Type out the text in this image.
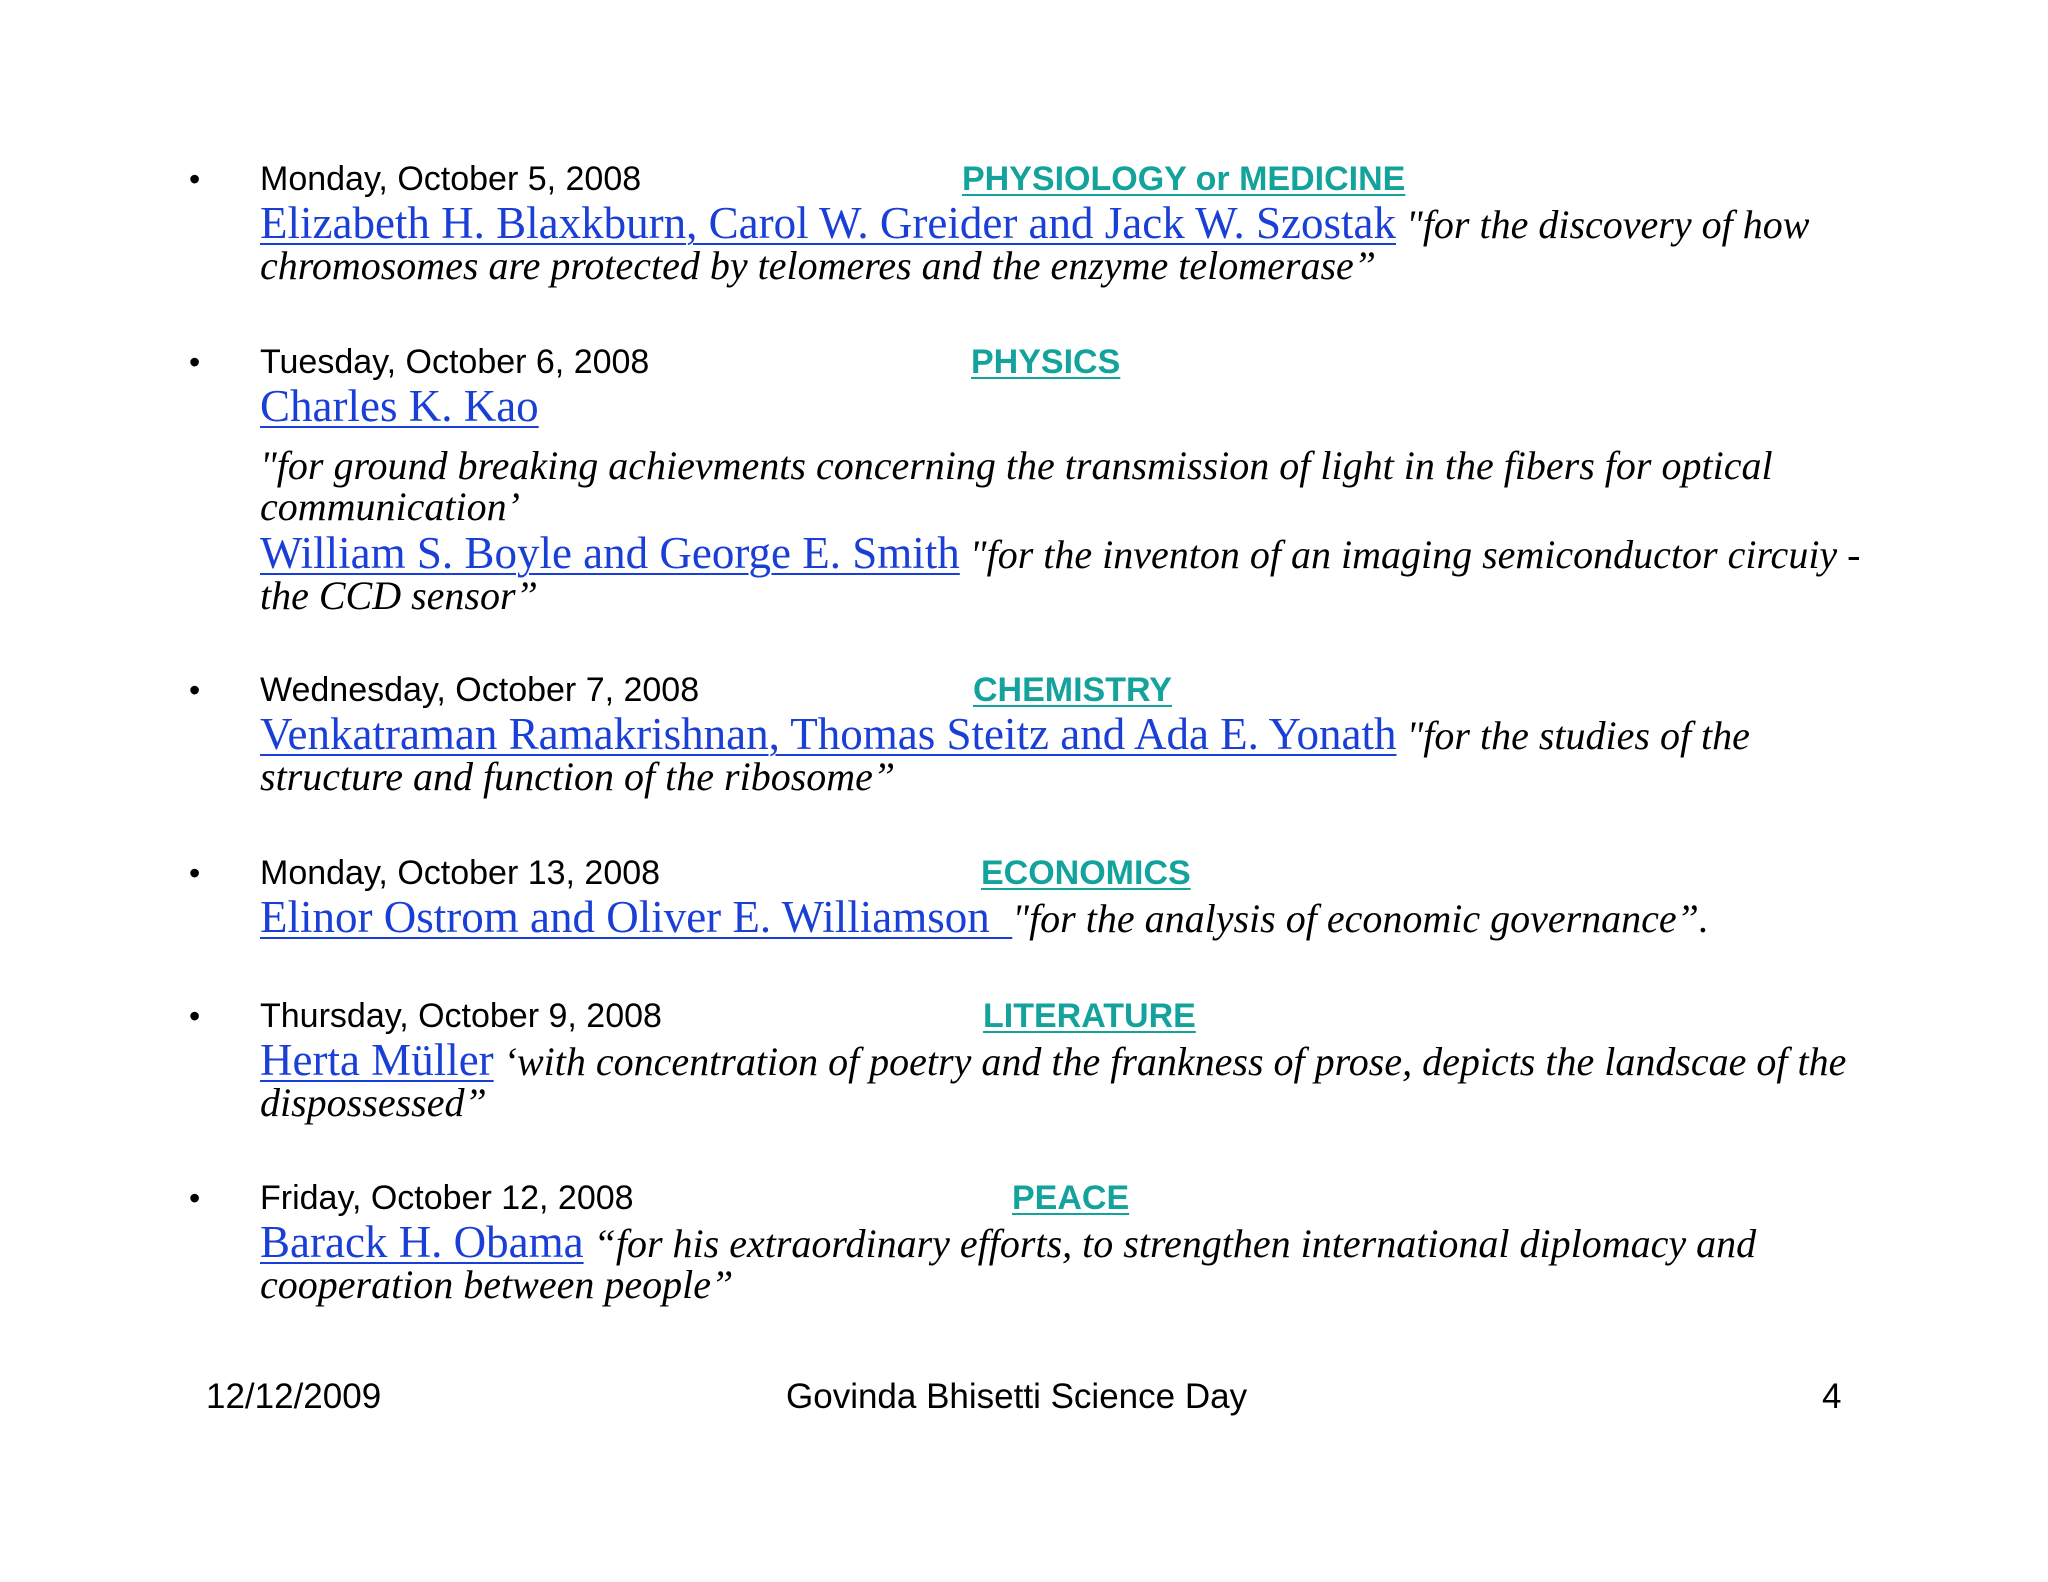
• Monday, October 5, 2008	PHYSIOLOGY or MEDICINE
Elizabeth H. Blaxkburn, Carol W. Greider and Jack W. Szostak "for the discovery of how chromosomes are protected by telomeres and the enzyme telomerase”
• Tuesday, October 6, 2008	PHYSICS
Charles K. Kao
"for ground breaking achievments concerning the transmission of light in the fibers for optical communication’
William S. Boyle and George E. Smith "for the inventon of an imaging semiconductor circuiy - the CCD sensor”
• Wednesday, October 7, 2008	CHEMISTRY
Venkatraman Ramakrishnan, Thomas Steitz and Ada E. Yonath "for the studies of the structure and function of the ribosome”
• Monday, October 13, 2008	ECONOMICS
Elinor Ostrom and Oliver E. Williamson  "for the analysis of economic governance”.
• Thursday, October 9, 2008	LITERATURE
Herta Müller ‘with concentration of poetry and the frankness of prose, depicts the landscae of the dispossessed”
• Friday, October 12, 2008	PEACE
Barack H. Obama “for his extraordinary efforts, to strengthen international diplomacy and cooperation between people”
12/12/2009	Govinda Bhisetti Science Day	4
